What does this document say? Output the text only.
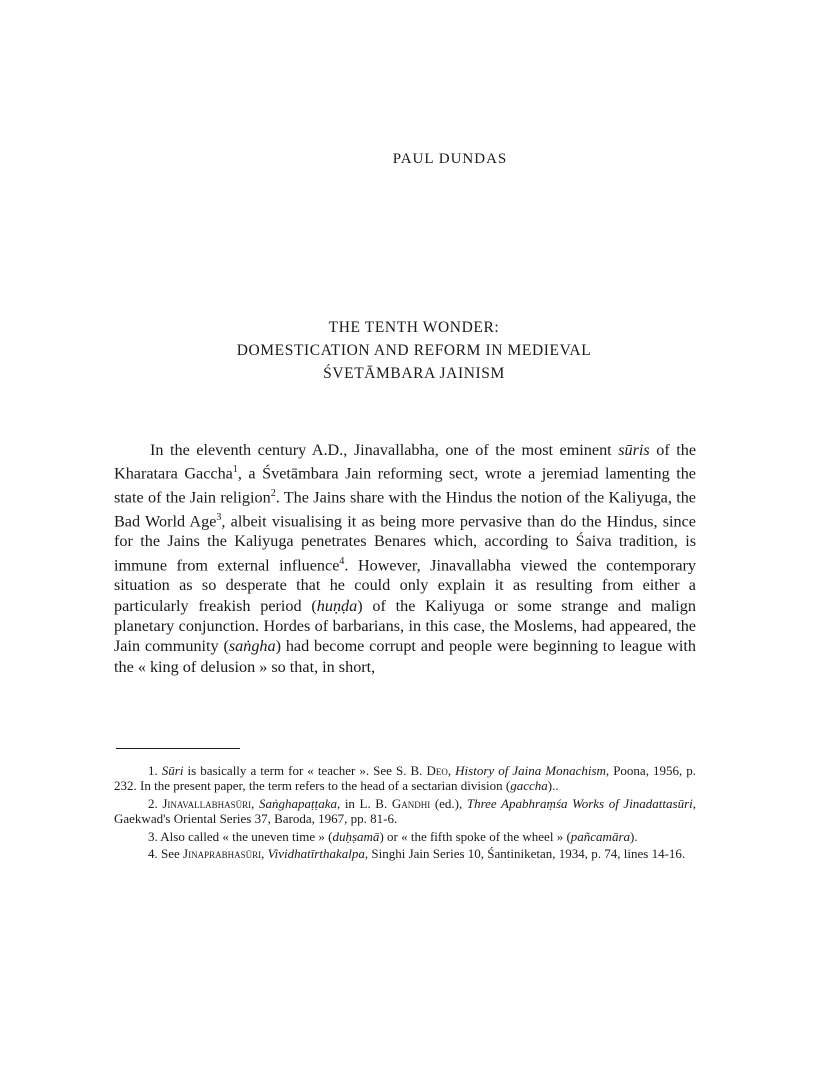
PAUL DUNDAS
THE TENTH WONDER:
DOMESTICATION AND REFORM IN MEDIEVAL
ŚVETĀMBARA JAINISM

In the eleventh century A.D., Jinavallabha, one of the most eminent sūris of the Kharatara Gaccha$^1$, a Śvetāmbara Jain reforming sect, wrote a jeremiad lamenting the state of the Jain religion$^2$. The Jains share with the Hindus the notion of the Kaliyuga, the Bad World Age$^3$, albeit visualising it as being more pervasive than do the Hindus, since for the Jains the Kaliyuga penetrates Benares which, according to Śaiva tradition, is immune from external influence$^4$. However, Jinavallabha viewed the contemporary situation as so desperate that he could only explain it as resulting from either a particularly freakish period (huṇḍa) of the Kaliyuga or some strange and malign planetary conjunction. Hordes of barbarians, in this case, the Moslems, had appeared, the Jain community (saṅgha) had become corrupt and people were beginning to league with the « king of delusion » so that, in short,

1. Sūri is basically a term for « teacher ». See S. B. Deo, History of Jaina Monachism, Poona, 1956, p. 232. In the present paper, the term refers to the head of a sectarian division (gaccha)..

2. Jinavallabhasūri, Saṅghapaṭṭaka, in L. B. Gandhi (ed.), Three Apabhraṃśa Works of Jinadattasūri, Gaekwad's Oriental Series 37, Baroda, 1967, pp. 81-6.

3. Also called « the uneven time » (duḥṣamā) or « the fifth spoke of the wheel » (pañcamāra).

4. See Jinaprabhasūri, Vividhatīrthakalpa, Singhi Jain Series 10, Śantiniketan, 1934, p. 74, lines 14-16.
